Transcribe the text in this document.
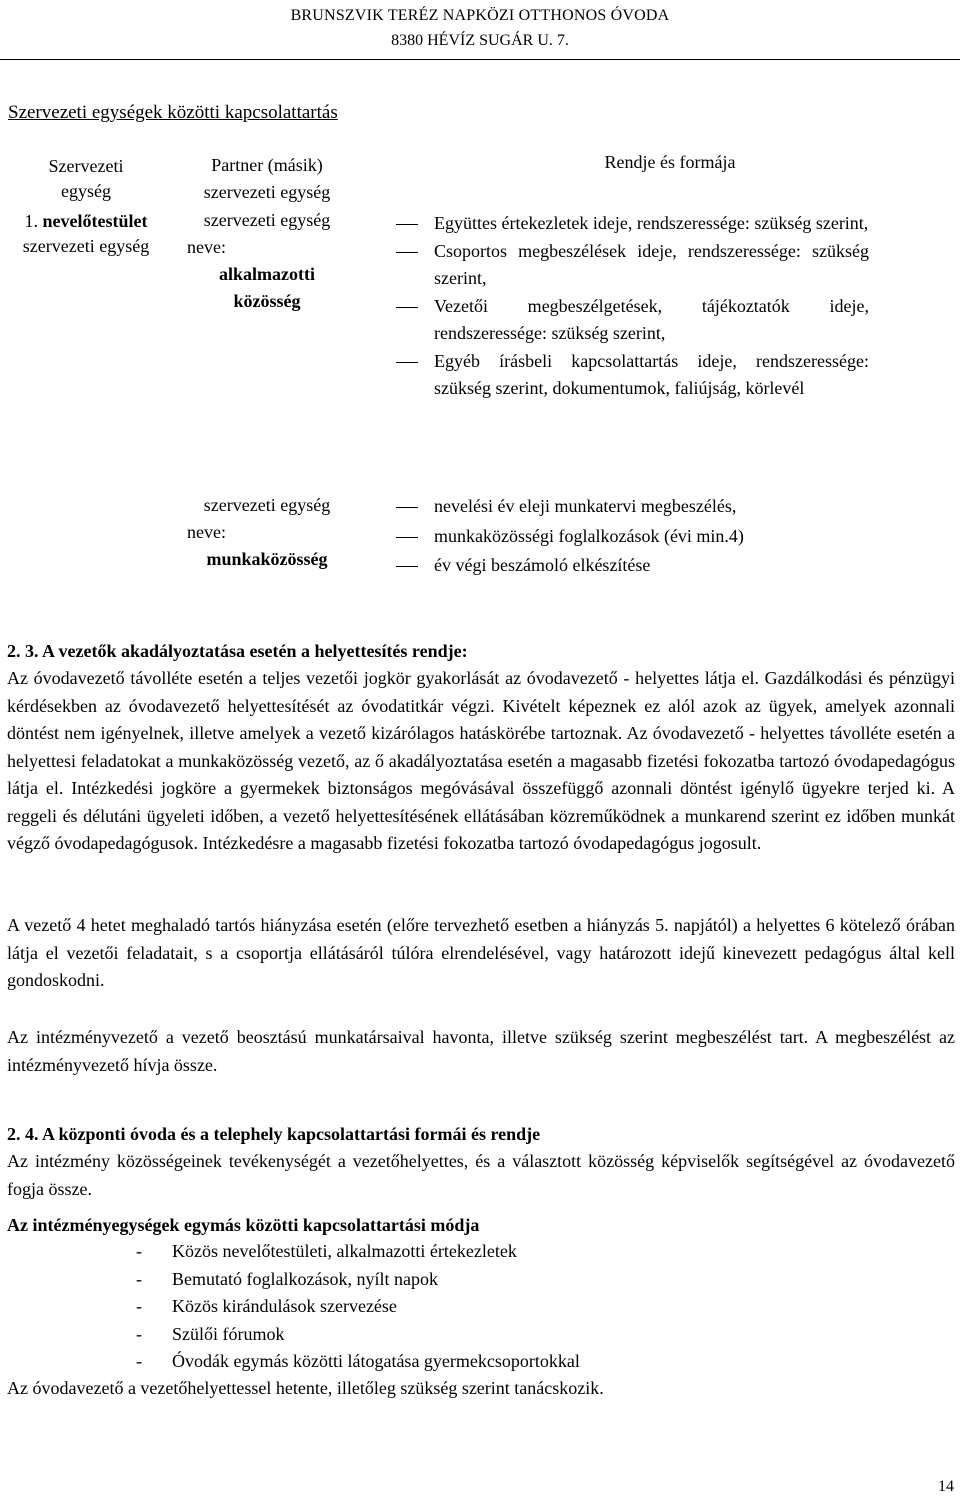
BRUNSZVIK TERÉZ NAPKÖZI OTTHONOS ÓVODA
8380 HÉVÍZ SUGÁR U. 7.
Szervezeti egységek közötti kapcsolattartás
Szervezeti
egység
1. nevelőtestület
szervezeti egység
Partner (másik)
szervezeti egység
szervezeti egység
neve:
alkalmazotti
közösség
Rendje és formája
Együttes értekezletek ideje, rendszeressége: szükség szerint,
Csoportos megbeszélések ideje, rendszeressége: szükség szerint,
Vezetői megbeszélgetések, tájékoztatók ideje, rendszeressége: szükség szerint,
Egyéb írásbeli kapcsolattartás ideje, rendszeressége: szükség szerint, dokumentumok, faliújság, körlevél
szervezeti egység
neve:
munkaközösség
nevelési év eleji munkatervi megbeszélés,
munkaközösségi foglalkozások (évi min.4)
év végi beszámoló elkészítése
2. 3. A vezetők akadályoztatása esetén a helyettesítés rendje:
Az óvodavezető távolléte esetén a teljes vezetői jogkör gyakorlását az óvodavezető - helyettes látja el. Gazdálkodási és pénzügyi kérdésekben az óvodavezető helyettesítését az óvodatitkár végzi. Kivételt képeznek ez alól azok az ügyek, amelyek azonnali döntést nem igényelnek, illetve amelyek a vezető kizárólagos hatáskörébe tartoznak. Az óvodavezető - helyettes távolléte esetén a helyettesi feladatokat a munkaközösség vezető, az ő akadályoztatása esetén a magasabb fizetési fokozatba tartozó óvodapedagógus látja el. Intézkedési jogköre a gyermekek biztonságos megóvásával összefüggő azonnali döntést igénylő ügyekre terjed ki. A reggeli és délutáni ügyeleti időben, a vezető helyettesítésének ellátásában közreműködnek a munkarend szerint ez időben munkát végző óvodapedagógusok. Intézkedésre a magasabb fizetési fokozatba tartozó óvodapedagógus jogosult.
A vezető 4 hetet meghaladó tartós hiányzása esetén (előre tervezhető esetben a hiányzás 5. napjától) a helyettes 6 kötelező órában látja el vezetői feladatait, s a csoportja ellátásáról túlóra elrendelésével, vagy határozott idejű kinevezett pedagógus által kell gondoskodni.
Az intézményvezető a vezető beosztású munkatársaival havonta, illetve szükség szerint megbeszélést tart. A megbeszélést az intézményvezető hívja össze.
2. 4. A központi óvoda és a telephely kapcsolattartási formái és rendje
Az intézmény közösségeinek tevékenységét a vezetőhelyettes, és a választott közösség képviselők segítségével az óvodavezető fogja össze.
Az intézményegységek egymás közötti kapcsolattartási módja
- Közös nevelőtestületi, alkalmazotti értekezletek
- Bemutató foglalkozások, nyílt napok
- Közös kirándulások szervezése
- Szülői fórumok
- Óvodák egymás közötti látogatása gyermekcsoportokkal
Az óvodavezető a vezetőhelyettessel hetente, illetőleg szükség szerint tanácskozik.
14
